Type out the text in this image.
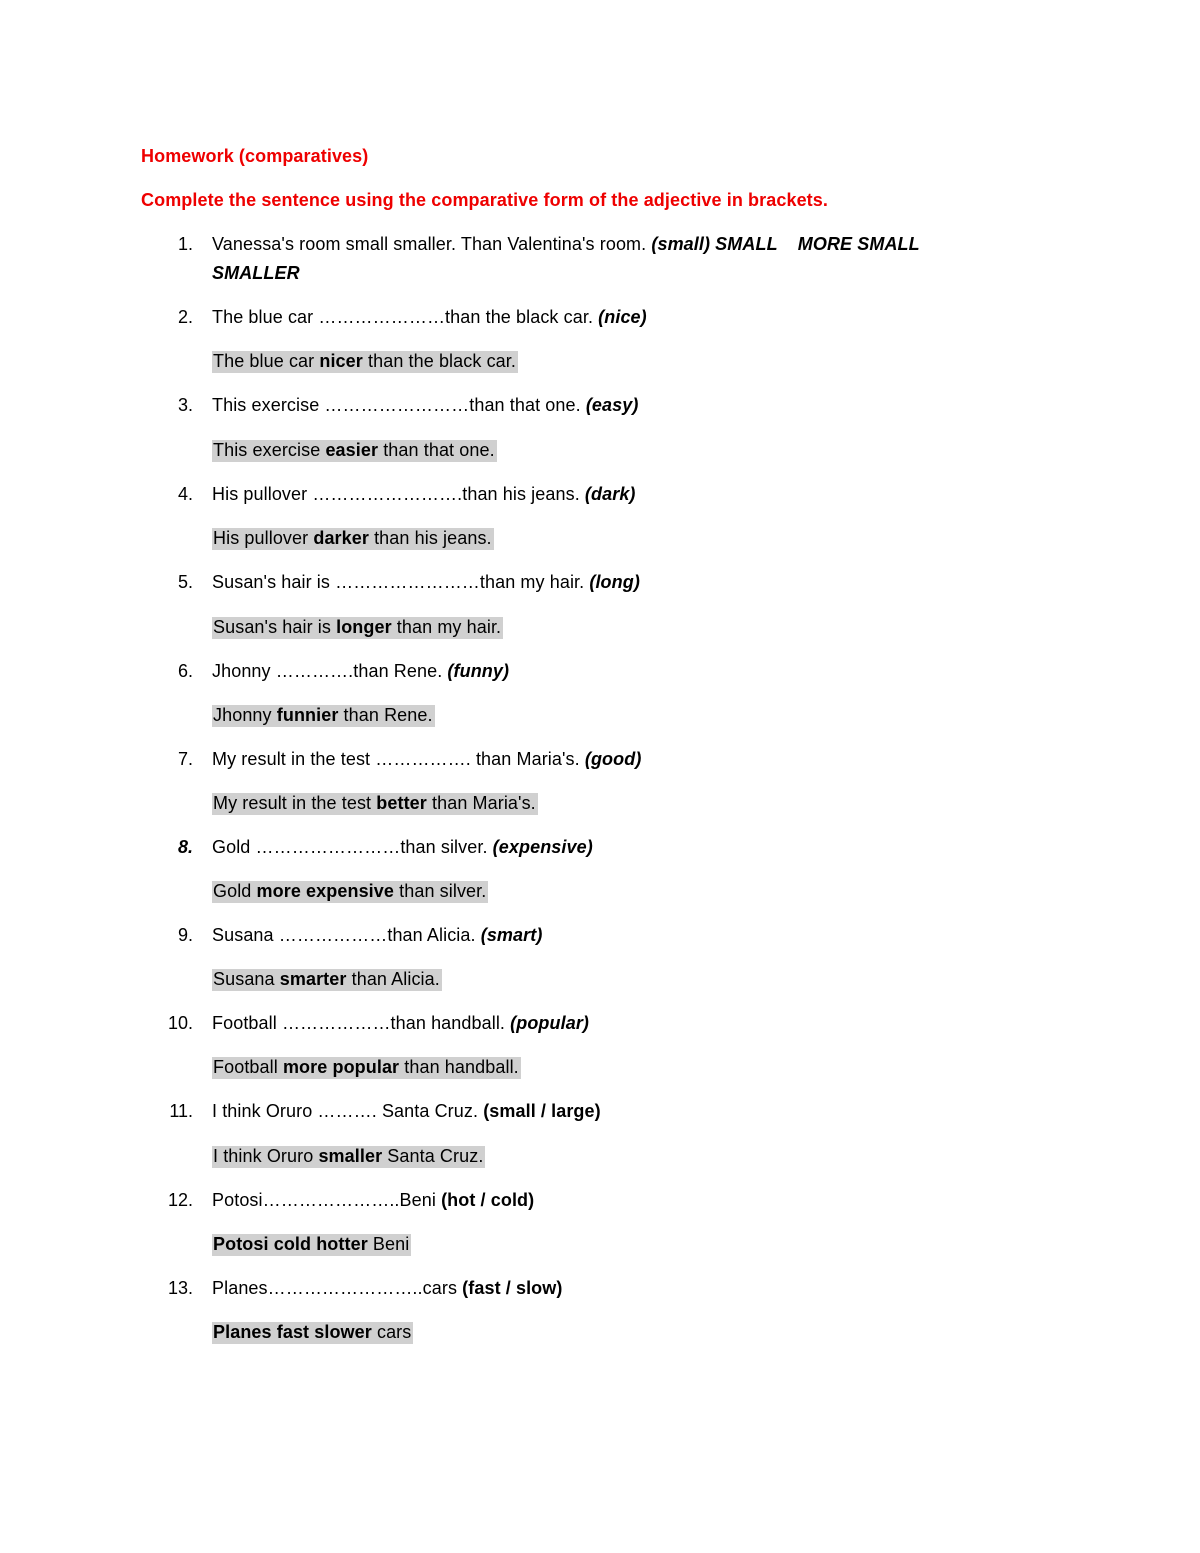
Homework (comparatives)
Complete the sentence using the comparative form of the adjective in brackets.
1. Vanessa's room small smaller. Than Valentina's room. (small) SMALL    MORE SMALL
SMALLER
2. The blue car …………………than the black car. (nice)
The blue car nicer than the black car.
3. This exercise ……………………than that one. (easy)
This exercise easier than that one.
4. His pullover …………………….than his jeans. (dark)
His pullover darker than his jeans.
5. Susan's hair is ……………………than my hair. (long)
Susan's hair is longer than my hair.
6. Jhonny ………….than Rene. (funny)
Jhonny funnier than Rene.
7. My result in the test ……………. than Maria's. (good)
My result in the test better than Maria's.
8. Gold ……………………than silver. (expensive)
Gold more expensive than silver.
9. Susana ………………than Alicia. (smart)
Susana smarter than Alicia.
10. Football ………………than handball. (popular)
Football more popular than handball.
11. I think Oruro ………. Santa Cruz. (small / large)
I think Oruro smaller Santa Cruz.
12. Potosi…………………..Beni (hot / cold)
Potosi cold hotter Beni
13. Planes……………………..cars (fast / slow)
Planes fast slower cars
